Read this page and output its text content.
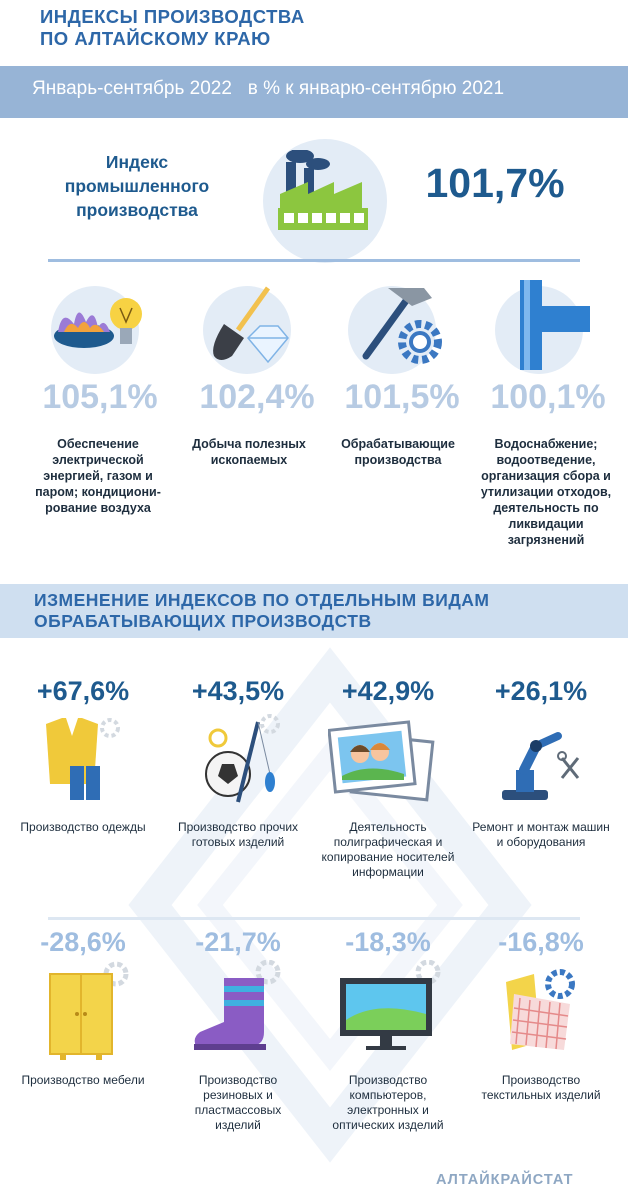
ИНДЕКСЫ ПРОИЗВОДСТВА
ПО АЛТАЙСКОМУ КРАЮ
Январь-сентябрь 2022   в % к январю-сентябрю 2021
Индекс
промышленного
производства
101,7%
105,1%
Обеспечение
электрической
энергией, газом и
паром; кондициони-
рование воздуха
102,4%
Добыча полезных
ископаемых
101,5%
Обрабатывающие
производства
100,1%
Водоснабжение;
водоотведение,
организация сбора и
утилизации отходов,
деятельность по
ликвидации
загрязнений
ИЗМЕНЕНИЕ ИНДЕКСОВ ПО ОТДЕЛЬНЫМ ВИДАМ
ОБРАБАТЫВАЮЩИХ ПРОИЗВОДСТВ
+67,6%
Производство одежды
+43,5%
Производство прочих
готовых изделий
+42,9%
Деятельность
полиграфическая и
копирование носителей
информации
+26,1%
Ремонт и монтаж машин
и оборудования
-28,6%
Производство мебели
-21,7%
Производство
резиновых и
пластмассовых
изделий
-18,3%
Производство
компьютеров,
электронных и
оптических изделий
-16,8%
Производство
текстильных изделий
АЛТАЙКРАЙСТАТ
